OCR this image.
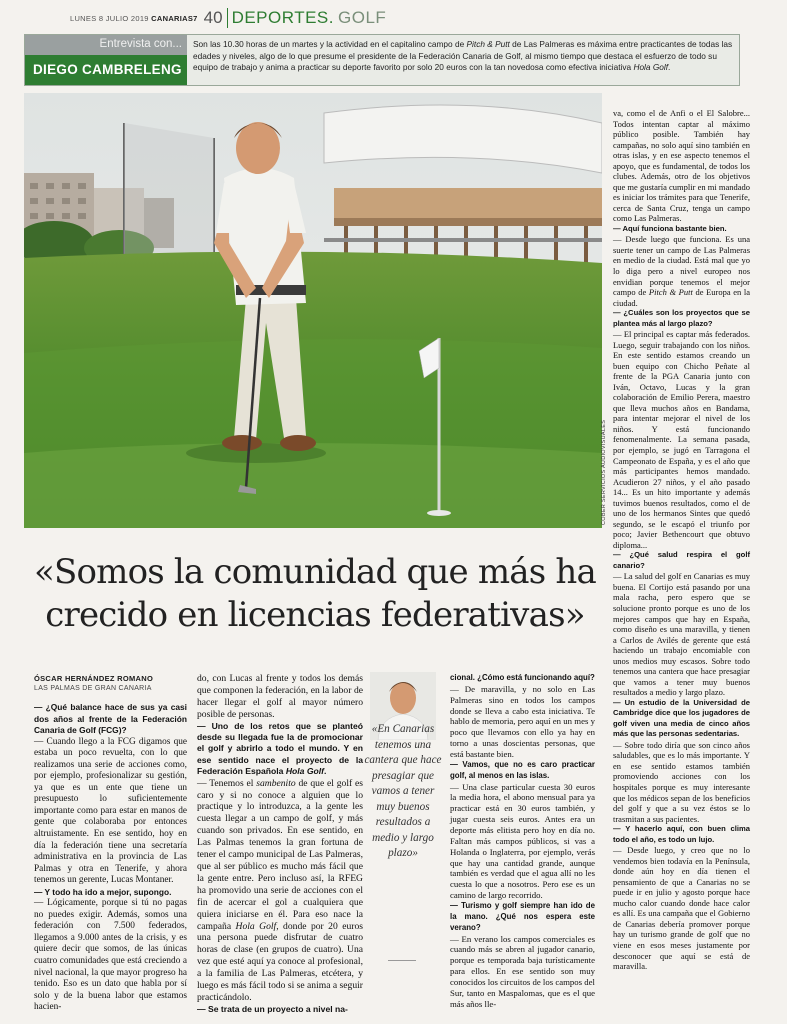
LUNES 8 JULIO 2019 CANARIAS7 40 DEPORTES. GOLF
Entrevista con...
DIEGO CAMBRELENG
Son las 10.30 horas de un martes y la actividad en el capitalino campo de Pitch & Putt de Las Palmeras es máxima entre practicantes de todas las edades y niveles, algo de lo que presume el presidente de la Federación Canaria de Golf, al mismo tiempo que destaca el esfuerzo de todo su equipo de trabajo y anima a practicar su deporte favorito por solo 20 euros con la tan novedosa como efectiva iniciativa Hola Golf.
COBER SERVICIOS AUDIOVISUALES
«Somos la comunidad que más ha crecido en licencias federativas»
ÓSCAR HERNÁNDEZ ROMANO
LAS PALMAS DE GRAN CANARIA

— ¿Qué balance hace de sus ya casi dos años al frente de la Federación Canaria de Golf (FCG)?

— Cuando llego a la FCG digamos que estaba un poco revuelta, con lo que realizamos una serie de acciones como, por ejemplo, profesionalizar su gestión, ya que es un ente que tiene un presupuesto lo suficientemente importante como para estar en manos de gente que colaboraba por entonces altruistamente. En ese sentido, hoy en día la federación tiene una secretaría administrativa en la provincia de Las Palmas y otra en Tenerife, y ahora tenemos un gerente, Lucas Montaner.

— Y todo ha ido a mejor, supongo.

— Lógicamente, porque si tú no pagas no puedes exigir. Además, somos una federación con 7.500 federados, llegamos a 9.000 antes de la crisis, y es quiere decir que somos, de las únicas cuatro comunidades que está creciendo a nivel nacional, la que mayor progreso ha tenido. Eso es un dato que habla por sí solo y de la buena labor que estamos hacien-

do, con Lucas al frente y todos los demás que componen la federación, en la labor de hacer llegar el golf al mayor número posible de personas.

— Uno de los retos que se planteó desde su llegada fue la de promocionar el golf y abrirlo a todo el mundo. Y en ese sentido nace el proyecto de la Federación Española Hola Golf.

— Tenemos el sambenito de que el golf es caro y si no conoce a alguien que lo practique y lo introduzca, a la gente les cuesta llegar a un campo de golf, y más cuando son privados. En ese sentido, en Las Palmas tenemos la gran fortuna de tener el campo municipal de Las Palmeras, que al ser público es mucho más fácil que la gente entre. Pero incluso así, la RFEG ha promovido una serie de acciones con el fin de acercar el gol a cualquiera que quiera iniciarse en él. Para eso nace la campaña Hola Golf, donde por 20 euros una persona puede disfrutar de cuatro horas de clase (en grupos de cuatro). Una vez que esté aquí ya conoce al profesional, a la familia de Las Palmeras, etcétera, y luego es más fácil todo si se anima a seguir practicándolo.

— Se trata de un proyecto a nivel na-

«En Canarias tenemos una cantera que hace presagiar que vamos a tener muy buenos resultados a medio y largo plazo»

cional. ¿Cómo está funcionando aquí?

— De maravilla, y no solo en Las Palmeras sino en todos los campos donde se lleva a cabo esta iniciativa. Te hablo de memoria, pero aquí en un mes y poco que llevamos con ello ya hay en torno a unas doscientas personas, que está bastante bien.

— Vamos, que no es caro practicar golf, al menos en las islas.

— Una clase particular cuesta 30 euros la media hora, el abono mensual para ya practicar está en 30 euros también, y jugar cuesta seis euros. Antes era un deporte más elitista pero hoy en día no. Faltan más campos públicos, si vas a Holanda o Inglaterra, por ejemplo, verás que hay una cantidad grande, aunque también es verdad que el agua allí no les cuesta lo que a nosotros. Pero ese es un camino de largo recorrido.

— Turismo y golf siempre han ido de la mano. ¿Qué nos espera este verano?

— En verano los campos comerciales es cuando más se abren al jugador canario, porque es temporada baja turísticamente para ellos. En ese sentido son muy conocidos los circuitos de los campos del Sur, tanto en Maspalomas, que es el que más años lle-

va, como el de Anfi o el El Salobre... Todos intentan captar al máximo público posible. También hay campañas, no solo aquí sino también en otras islas, y en ese aspecto tenemos el apoyo, que es fundamental, de todos los clubes. Además, otro de los objetivos que me gustaría cumplir en mi mandado es iniciar los trámites para que Tenerife, cerca de Santa Cruz, tenga un campo como Las Palmeras.

— Aquí funciona bastante bien.

— Desde luego que funciona. Es una suerte tener un campo de Las Palmeras en medio de la ciudad. Está mal que yo lo diga pero a nivel europeo nos envidian porque tenemos el mejor campo de Pitch & Putt de Europa en la ciudad.

— ¿Cuáles son los proyectos que se plantea más al largo plazo?

— El principal es captar más federados. Luego, seguir trabajando con los niños. En este sentido estamos creando un buen equipo con Chicho Peñate al frente de la PGA Canaria junto con Iván, Octavo, Lucas y la gran colaboración de Emilio Perera, maestro que lleva muchos años en Bandama, para intentar mejorar el nivel de los niños. Y está funcionando fenomenalmente. La semana pasada, por ejemplo, se jugó en Tarragona el Campeonato de España, y es el año que más participantes hemos mandado. Acudieron 27 niños, y el año pasado 14... Es un hito importante y además tuvimos buenos resultados, como el de uno de los hermanos Sintes que quedó segundo, se le escapó el triunfo por poco; Javier Bethencourt que obtuvo diploma...

— ¿Qué salud respira el golf canario?

— La salud del golf en Canarias es muy buena. El Cortijo está pasando por una mala racha, pero espero que se solucione pronto porque es uno de los mejores campos que hay en España, como diseño es una maravilla, y tienen a Carlos de Avilés de gerente que está haciendo un trabajo encomiable con unos medios muy escasos. Sobre todo tenemos una cantera que hace presagiar que vamos a tener muy buenos resultados a medio y largo plazo.

— Un estudio de la Universidad de Cambridge dice que los jugadores de golf viven una media de cinco años más que las personas sedentarias.

— Sobre todo diría que son cinco años saludables, que es lo más importante. Y en ese sentido estamos también promoviendo acciones con los hospitales porque es muy interesante que los médicos sepan de los beneficios del golf y que a su vez éstos se lo trasmitan a sus pacientes.

— Y hacerlo aquí, con buen clima todo el año, es todo un lujo.

— Desde luego, y creo que no lo vendemos bien todavía en la Península, donde aún hoy en día tienen el pensamiento de que a Canarias no se puede ir en julio y agosto porque hace mucho calor cuando donde hace calor es allí. Es una campaña que el Gobierno de Canarias debería promover porque hay un turismo grande de golf que no viene en esos meses justamente por desconocer que aquí se está de maravilla.
